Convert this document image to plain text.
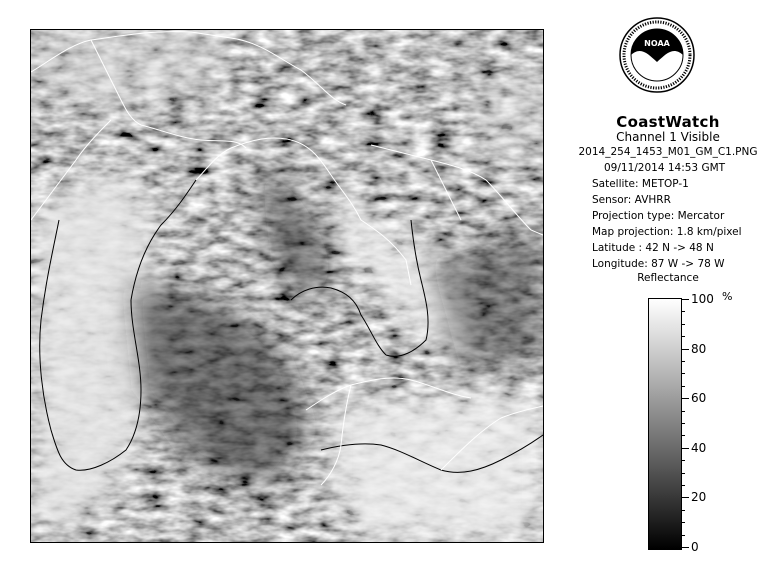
NOAA
CoastWatch
Channel 1 Visible
2014_254_1453_M01_GM_C1.PNG
09/11/2014 14:53 GMT
Satellite: METOP-1
Sensor: AVHRR
Projection type: Mercator
Map projection: 1.8 km/pixel
Latitude : 42 N -> 48 N
Longitude: 87 W -> 78 W
Reflectance
%
100
80
60
40
20
0
